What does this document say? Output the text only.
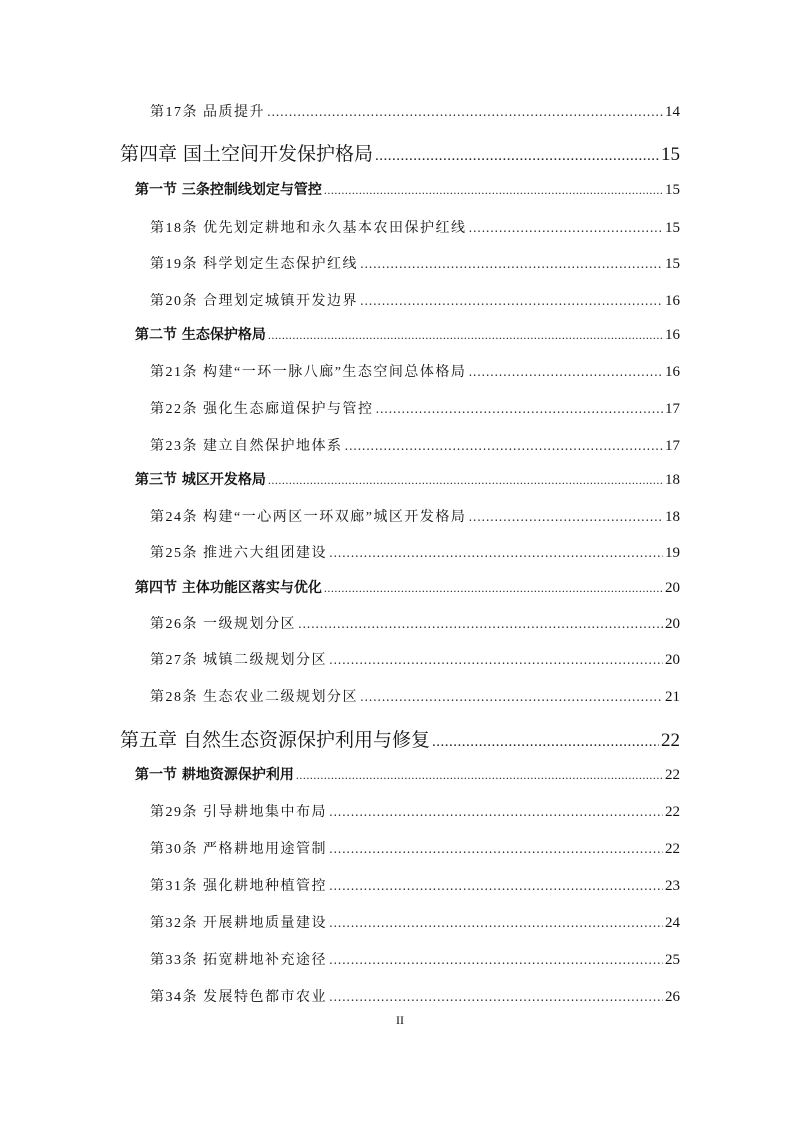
第17条 品质提升 .....	14
第四章 国土空间开发保护格局 .....	15
第一节 三条控制线划定与管控 .....	15
第18条 优先划定耕地和永久基本农田保护红线 .....	15
第19条 科学划定生态保护红线 .....	15
第20条 合理划定城镇开发边界 .....	16
第二节 生态保护格局 .....	16
第21条 构建“一环一脉八廊”生态空间总体格局 .....	16
第22条 强化生态廊道保护与管控 .....	17
第23条 建立自然保护地体系 .....	17
第三节 城区开发格局 .....	18
第24条 构建“一心两区一环双廊”城区开发格局 .....	18
第25条 推进六大组团建设 .....	19
第四节 主体功能区落实与优化 .....	20
第26条 一级规划分区 .....	20
第27条 城镇二级规划分区 .....	20
第28条 生态农业二级规划分区 .....	21
第五章 自然生态资源保护利用与修复 .....	22
第一节 耕地资源保护利用 .....	22
第29条 引导耕地集中布局 .....	22
第30条 严格耕地用途管制 .....	22
第31条 强化耕地种植管控 .....	23
第32条 开展耕地质量建设 .....	24
第33条 拓宽耕地补充途径 .....	25
第34条 发展特色都市农业 .....	26
II
